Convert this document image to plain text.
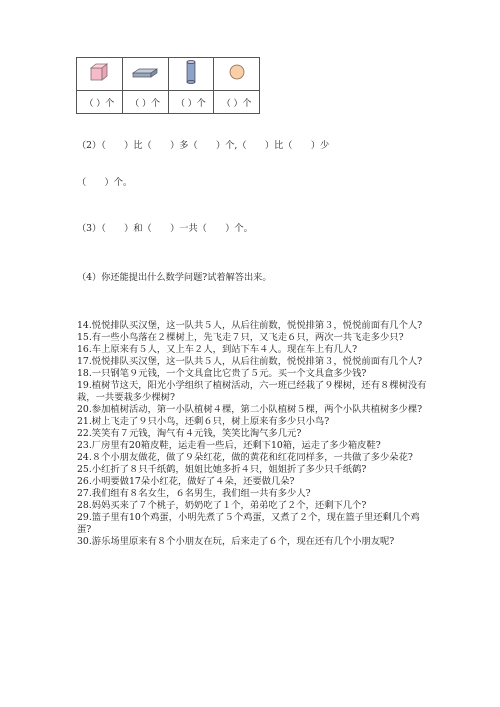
（ ）个	（ ）个	（ ）个	（ ）个
（2）（　　）比（　　）多（　　）个,（　　）比（　　）少
（　　）个。
（3）（　　）和（　　）一共（　　）个。
（4）你还能提出什么数学问题?试着解答出来。

14.悦悦排队买汉堡，这一队共５人，从后往前数，悦悦排第３，悦悦前面有几个人?

15.有一些小鸟落在２棵树上，先飞走７只，又飞走６只，两次一共飞走多少只?

16.车上原来有５人，又上车２人，到站下车４人。现在车上有几人?

17.悦悦排队买汉堡，这一队共５人，从后往前数，悦悦排第３，悦悦前面有几个人?

18.一只钢笔９元钱，一个文具盒比它贵了５元。买一个文具盒多少钱?

19.植树节这天，阳光小学组织了植树活动，六一班已经栽了９棵树，还有８棵树没有栽，一共要栽多少棵树?

20.参加植树活动，第一小队植树４棵，第二小队植树５棵，两个小队共植树多少棵?

21.树上飞走了９只小鸟，还剩６只，树上原来有多少只小鸟?

22.笑笑有７元钱，淘气有４元钱，笑笑比淘气多几元?

23.厂房里有20箱皮鞋，运走看一些后，还剩下10箱，运走了多少箱皮鞋?

24.８个小朋友做花，做了９朵红花，做的黄花和红花同样多，一共做了多少朵花?

25.小红折了８只千纸鹤，姐姐比她多折４只，姐姐折了多少只千纸鹤?

26.小明要做17朵小红花，做好了４朵，还要做几朵?

27.我们组有８名女生，６名男生，我们组一共有多少人?

28.妈妈买来了７个桃子，奶奶吃了１个，弟弟吃了２个，还剩下几个?

29.篮子里有10个鸡蛋，小明先煮了５个鸡蛋，又煮了２个，现在篮子里还剩几个鸡蛋?

30.游乐场里原来有８个小朋友在玩，后来走了６个，现在还有几个小朋友呢?
